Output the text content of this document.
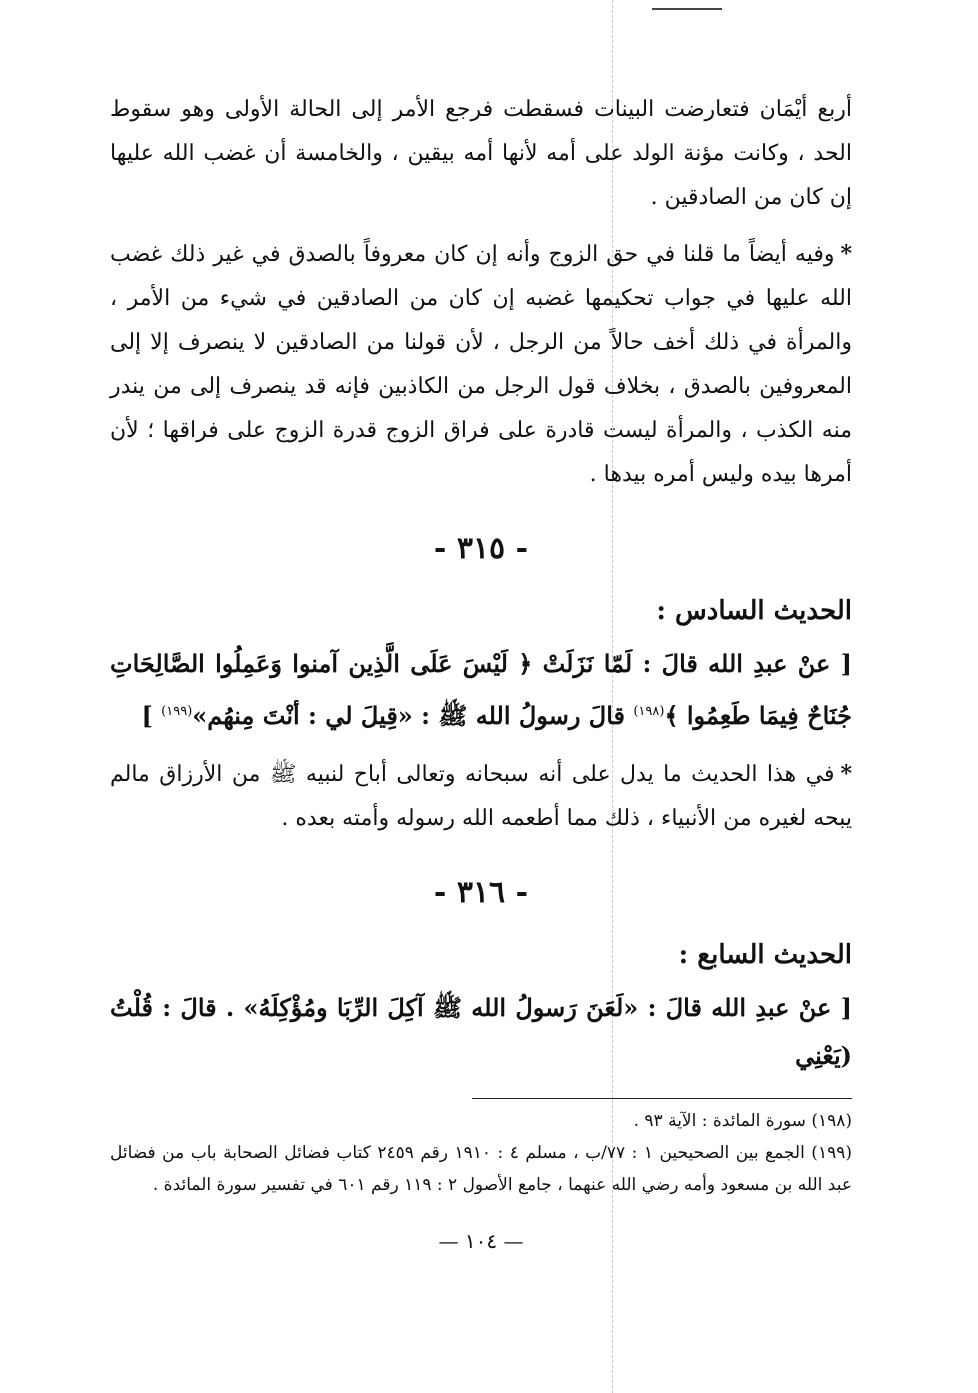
أربع أيْمَان فتعارضت البينات فسقطت فرجع الأمر إلى الحالة الأولى وهو سقوط الحد ، وكانت مؤنة الولد على أمه لأنها أمه بيقين ، والخامسة أن غضب الله عليها إن كان من الصادقين .

*وفيه أيضاً ما قلنا في حق الزوج وأنه إن كان معروفاً بالصدق في غير ذلك غضب الله عليها في جواب تحكيمها غضبه إن كان من الصادقين في شيء من الأمر ، والمرأة في ذلك أخف حالاً من الرجل ، لأن قولنا من الصادقين لا ينصرف إلا إلى المعروفين بالصدق ، بخلاف قول الرجل من الكاذبين فإنه قد ينصرف إلى من يندر منه الكذب ، والمرأة ليست قادرة على فراق الزوج قدرة الزوج على فراقها ؛ لأن أمرها بيده وليس أمره بيدها .

- ٣١٥ -
الحديث السادس :

[ عنْ عبدِ الله قالَ : لَمّا نَزَلَتْ ﴿ لَيْسَ عَلَى الَّذِين آمنوا وَعَمِلُوا الصَّالِحَاتِ جُنَاحٌ فِيمَا طَعِمُوا ﴾$^{(١٩٨)}$ قالَ رسولُ الله ﷺ : «قِيلَ لي : أنْتَ مِنهُم»$^{(١٩٩)}$ ]

*في هذا الحديث ما يدل على أنه سبحانه وتعالى أباح لنبيه ﷺ من الأرزاق مالم يبحه لغيره من الأنبياء ، ذلك مما أطعمه الله رسوله وأمته بعده .

- ٣١٦ -
الحديث السابع :

[ عنْ عبدِ الله قالَ : «لَعَنَ رَسولُ الله ﷺ آكِلَ الرِّبَا ومُؤْكِلَهُ» . قالَ : قُلْتُ (يَعْنِي

(١٩٨) سورة المائدة : الآية ٩٣ .

(١٩٩) الجمع بين الصحيحين ١ : ٧٧/ب ، مسلم ٤ : ١٩١٠ رقم ٢٤٥٩ كتاب فضائل الصحابة باب من فضائل عبد الله بن مسعود وأمه رضي الله عنهما ، جامع الأصول ٢ : ١١٩ رقم ٦٠١ في تفسير سورة المائدة .

— ١٠٤ —
